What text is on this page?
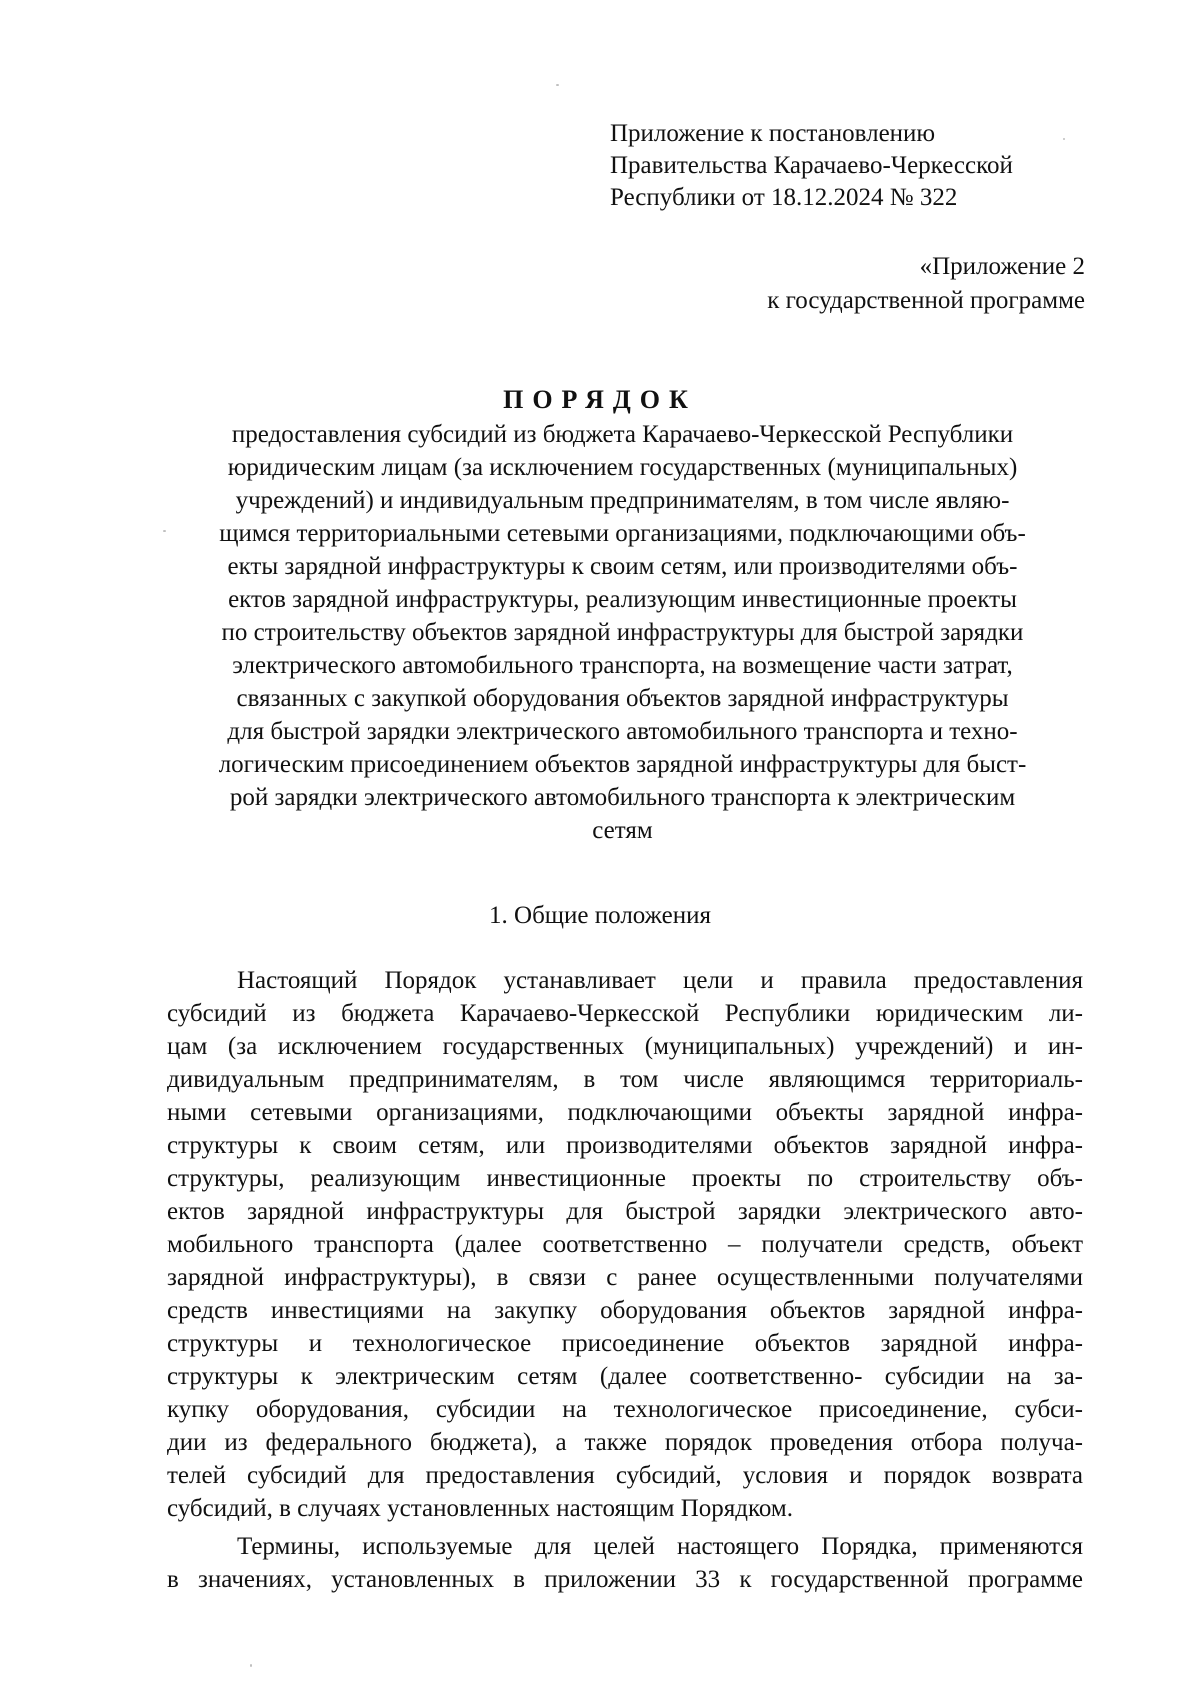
Приложение к постановлению
Правительства Карачаево-Черкесской
Республики от 18.12.2024 № 322
«Приложение 2
к государственной программе
ПОРЯДОК
предоставления субсидий из бюджета Карачаево-Черкесской Республики
юридическим лицам (за исключением государственных (муниципальных)
учреждений) и индивидуальным предпринимателям, в том числе являю-
щимся территориальными сетевыми организациями, подключающими объ-
екты зарядной инфраструктуры к своим сетям, или производителями объ-
ектов зарядной инфраструктуры, реализующим инвестиционные проекты
по строительству объектов зарядной инфраструктуры для быстрой зарядки
электрического автомобильного транспорта, на возмещение части затрат,
связанных с закупкой оборудования объектов зарядной инфраструктуры
для быстрой зарядки электрического автомобильного транспорта и техно-
логическим присоединением объектов зарядной инфраструктуры для быст-
рой зарядки электрического автомобильного транспорта к электрическим
сетям
1. Общие положения
Настоящий Порядок устанавливает цели и правила предоставления
субсидий из бюджета Карачаево-Черкесской Республики юридическим ли-
цам (за исключением государственных (муниципальных) учреждений) и ин-
дивидуальным предпринимателям, в том числе являющимся территориаль-
ными сетевыми организациями, подключающими объекты зарядной инфра-
структуры к своим сетям, или производителями объектов зарядной инфра-
структуры, реализующим инвестиционные проекты по строительству объ-
ектов зарядной инфраструктуры для быстрой зарядки электрического авто-
мобильного транспорта (далее соответственно – получатели средств, объект
зарядной инфраструктуры), в связи с ранее осуществленными получателями
средств инвестициями на закупку оборудования объектов зарядной инфра-
структуры и технологическое присоединение объектов зарядной инфра-
структуры к электрическим сетям (далее соответственно- субсидии на за-
купку оборудования, субсидии на технологическое присоединение, субси-
дии из федерального бюджета), а также порядок проведения отбора получа-
телей субсидий для предоставления субсидий, условия и порядок возврата
субсидий, в случаях установленных настоящим Порядком.
Термины, используемые для целей настоящего Порядка, применяются
в значениях, установленных в приложении 33 к государственной программе
